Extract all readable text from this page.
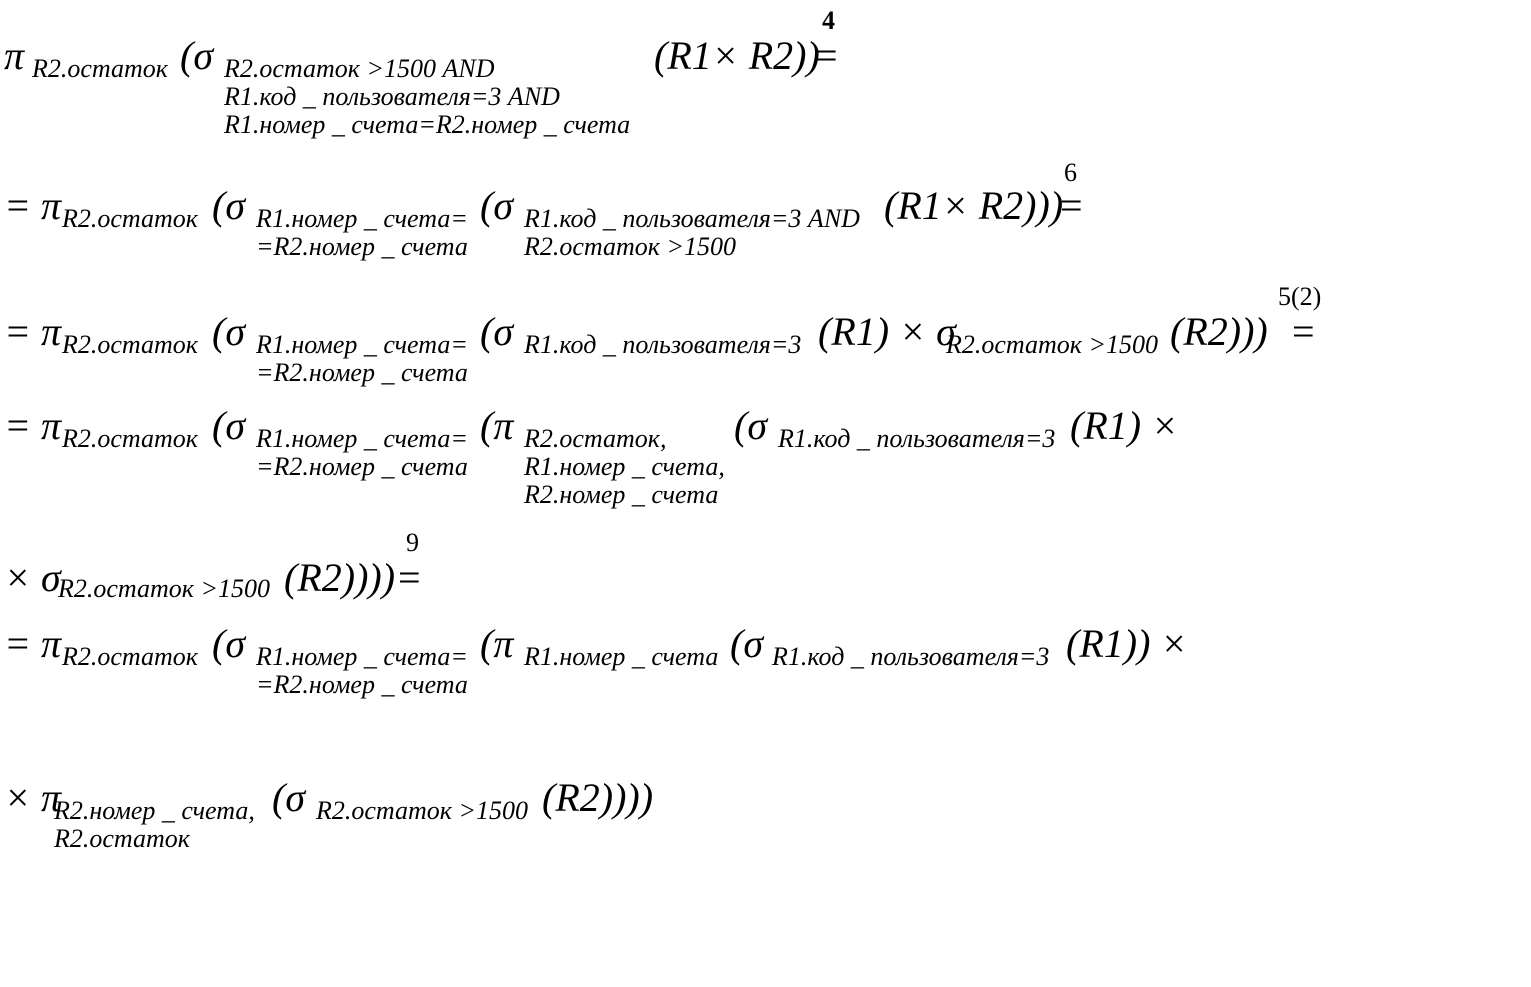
π R2.остаток (σ R2.остаток >1500 AND
R1.код _ пользователя=3 AND
R1.номер _ счета=R2.номер _ счета
(R1× R2))
=
4
= π R2.остаток (σ R1.номер _ счета=
=R2.номер _ счета
(σ R1.код _ пользователя=3 AND
R2.остаток >1500
(R1× R2)))
=
6
= π R2.остаток (σ R1.номер _ счета=
=R2.номер _ счета
(σ R1.код _ пользователя=3 (R1) × σ
R2.остаток >1500 (R2))) =
5(2)
= π R2.остаток (σ R1.номер _ счета=
=R2.номер _ счета
(π R2.остаток,
R1.номер _ счета,
R2.номер _ счета
(σ R1.код _ пользователя=3 (R1) ×
× σ
R2.остаток >1500 (R2)))) =
9
= π R2.остаток (σ R1.номер _ счета=
=R2.номер _ счета
(π R1.номер _ счета (σ R1.код _ пользователя=3 (R1)) ×
× π
R2.номер _ счета,
R2.остаток
(σ R2.остаток >1500 (R2))))
